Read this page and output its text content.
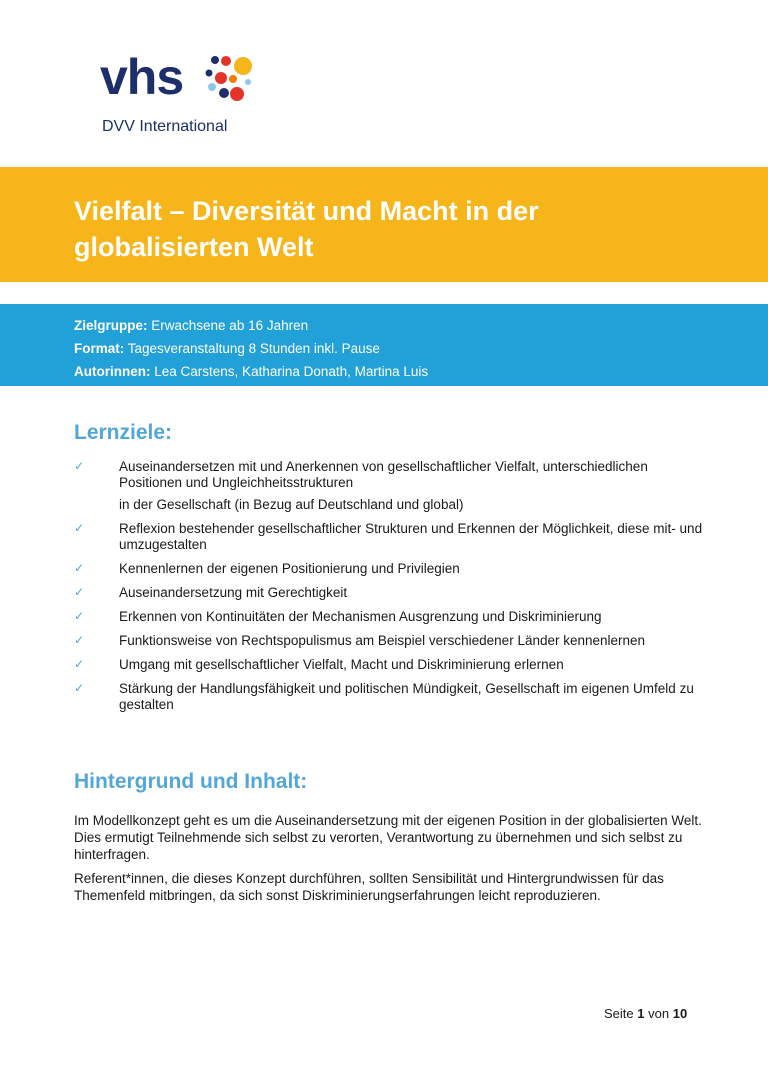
vhs
DVV International
Vielfalt – Diversität und Macht in der globalisierten Welt
Zielgruppe: Erwachsene ab 16 Jahren
Format: Tagesveranstaltung 8 Stunden inkl. Pause
Autorinnen: Lea Carstens, Katharina Donath, Martina Luis
Lernziele:
✓	Auseinandersetzen mit und Anerkennen von gesellschaftlicher Vielfalt, unterschiedlichen Positionen und Ungleichheitsstrukturen
in der Gesellschaft (in Bezug auf Deutschland und global)
✓	Reflexion bestehender gesellschaftlicher Strukturen und Erkennen der Möglichkeit, diese mit- und umzugestalten
✓	Kennenlernen der eigenen Positionierung und Privilegien
✓	Auseinandersetzung mit Gerechtigkeit
✓	Erkennen von Kontinuitäten der Mechanismen Ausgrenzung und Diskriminierung
✓	Funktionsweise von Rechtspopulismus am Beispiel verschiedener Länder kennenlernen
✓	Umgang mit gesellschaftlicher Vielfalt, Macht und Diskriminierung erlernen
✓	Stärkung der Handlungsfähigkeit und politischen Mündigkeit, Gesellschaft im eigenen Umfeld zu gestalten
Hintergrund und Inhalt:

Im Modellkonzept geht es um die Auseinandersetzung mit der eigenen Position in der globalisierten Welt. Dies ermutigt Teilnehmende sich selbst zu verorten, Verantwortung zu übernehmen und sich selbst zu hinterfragen.

Referent*innen, die dieses Konzept durchführen, sollten Sensibilität und Hintergrundwissen für das Themenfeld mitbringen, da sich sonst Diskriminierungserfahrungen leicht reproduzieren.

Seite 1 von 10
